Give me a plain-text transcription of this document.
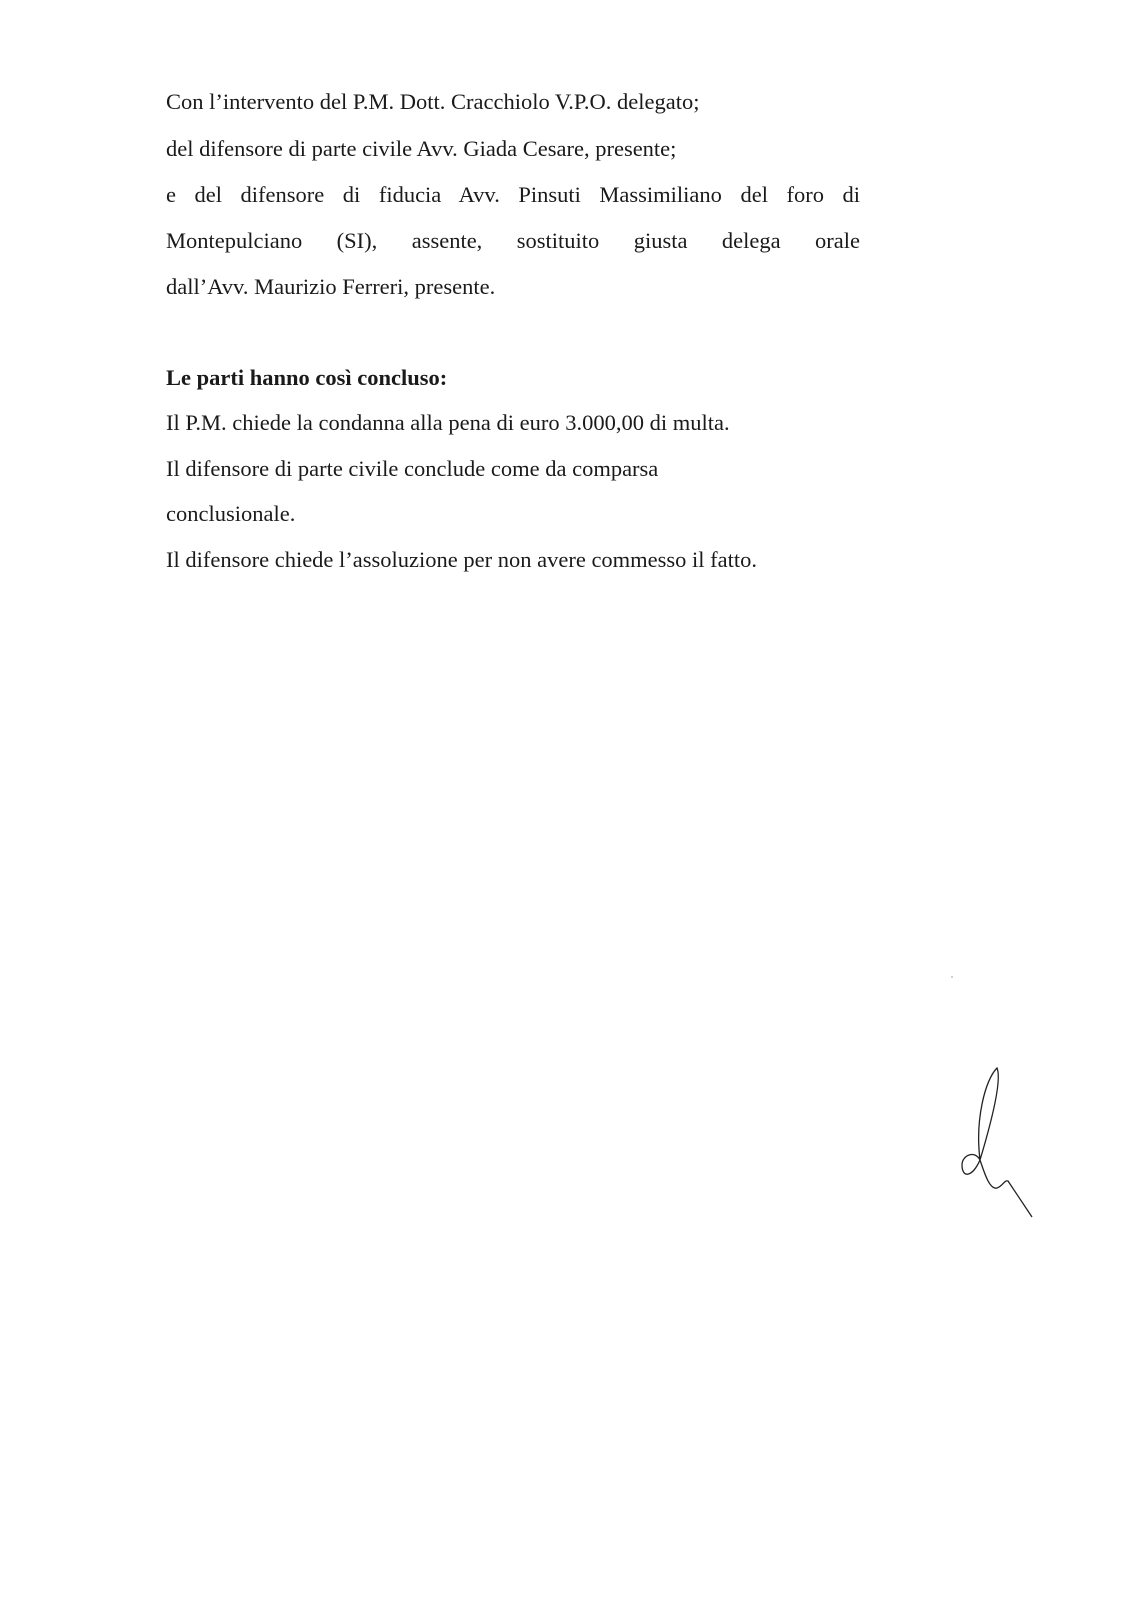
Con l’intervento del P.M. Dott. Cracchiolo V.P.O. delegato;
del difensore di parte civile Avv. Giada Cesare, presente;
e del difensore di fiducia Avv. Pinsuti Massimiliano del foro di
Montepulciano (SI), assente, sostituito giusta delega orale
dall’Avv. Maurizio Ferreri, presente.
Le parti hanno così concluso:
Il P.M. chiede la condanna alla pena di euro 3.000,00 di multa.
Il difensore di parte civile conclude come da comparsa
conclusionale.
Il difensore chiede l’assoluzione per non avere commesso il fatto.
